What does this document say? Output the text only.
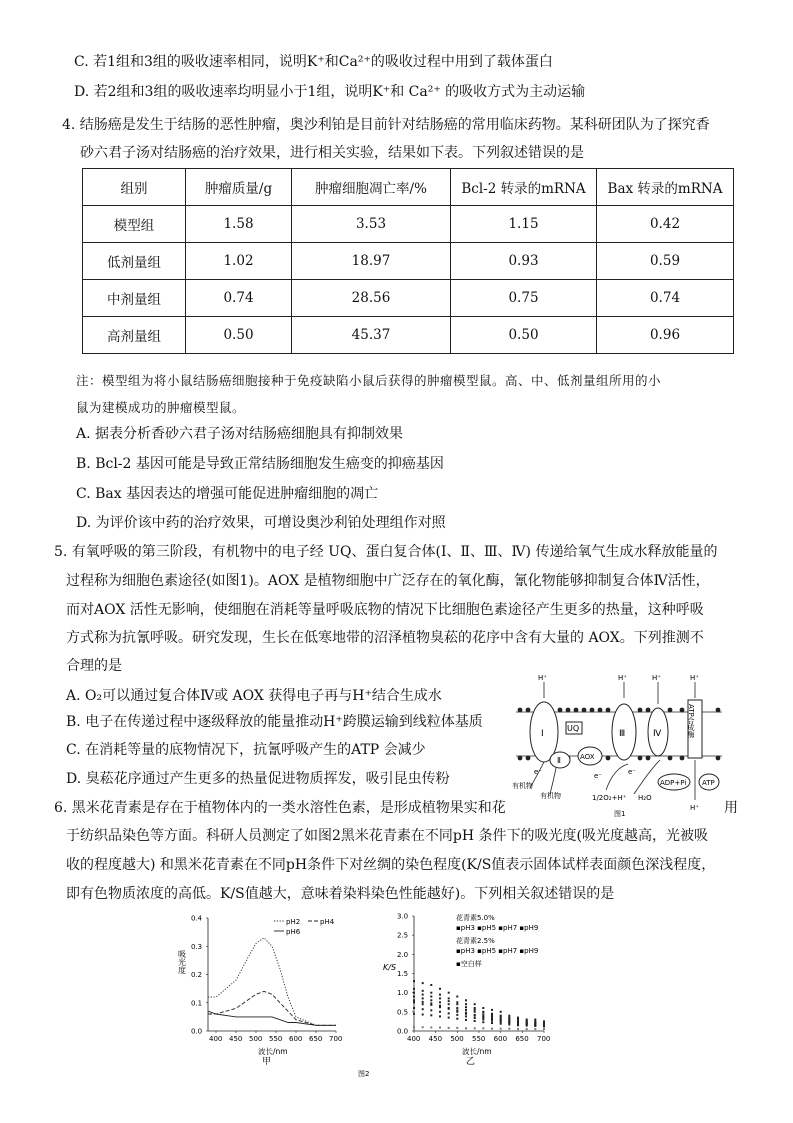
C. 若1组和3组的吸收速率相同，说明K⁺和Ca²⁺的吸收过程中用到了载体蛋白
D. 若2组和3组的吸收速率均明显小于1组，说明K⁺和 Ca²⁺ 的吸收方式为主动运输
4. 结肠癌是发生于结肠的恶性肿瘤，奥沙利铂是目前针对结肠癌的常用临床药物。某科研团队为了探究香
砂六君子汤对结肠癌的治疗效果，进行相关实验，结果如下表。下列叙述错误的是
组别	肿瘤质量/g	肿瘤细胞凋亡率/%	Bcl-2 转录的mRNA	Bax 转录的mRNA
模型组	1.58	3.53	1.15	0.42
低剂量组	1.02	18.97	0.93	0.59
中剂量组	0.74	28.56	0.75	0.74
高剂量组	0.50	45.37	0.50	0.96
注：模型组为将小鼠结肠癌细胞接种于免疫缺陷小鼠后获得的肿瘤模型鼠。高、中、低剂量组所用的小
鼠为建模成功的肿瘤模型鼠。
A. 据表分析香砂六君子汤对结肠癌细胞具有抑制效果
B. Bcl-2 基因可能是导致正常结肠细胞发生癌变的抑癌基因
C. Bax 基因表达的增强可能促进肿瘤细胞的凋亡
D. 为评价该中药的治疗效果，可增设奥沙利铂处理组作对照
5. 有氧呼吸的第三阶段，有机物中的电子经 UQ、蛋白复合体(Ⅰ、Ⅱ、Ⅲ、Ⅳ) 传递给氧气生成水释放能量的
过程称为细胞色素途径(如图1)。AOX 是植物细胞中广泛存在的氧化酶，氰化物能够抑制复合体Ⅳ活性，
而对AOX 活性无影响，使细胞在消耗等量呼吸底物的情况下比细胞色素途径产生更多的热量，这种呼吸
方式称为抗氰呼吸。研究发现，生长在低寒地带的沼泽植物臭菘的花序中含有大量的 AOX。下列推测不
合理的是
A. O₂可以通过复合体Ⅳ或 AOX 获得电子再与H⁺结合生成水
B. 电子在传递过程中逐级释放的能量推动H⁺跨膜运输到线粒体基质
C. 在消耗等量的底物情况下，抗氰呼吸产生的ATP 会减少
D. 臭菘花序通过产生更多的热量促进物质挥发，吸引昆虫传粉
Ⅰ	Ⅲ	Ⅳ	ATP合成酶
UQ
AOX
Ⅱ
H⁺	H⁺	H⁺	H⁺
H⁺
有机物
有机物
e⁻	e⁻	e⁻
1/2O₂+H⁺ H₂O
ADP+Pi ATP
图1
6. 黑米花青素是存在于植物体内的一类水溶性色素，是形成植物果实和花	用
于纺织品染色等方面。科研人员测定了如图2黑米花青素在不同pH 条件下的吸光度(吸光度越高，光被吸
收的程度越大) 和黑米花青素在不同pH条件下对丝绸的染色程度(K/S值表示固体试样表面颜色深浅程度，
即有色物质浓度的高低。K/S值越大，意味着染料染色性能越好)。下列相关叙述错误的是
400 450 500 550 600 650 700
0.0
0.1
0.2
0.3
0.4	pH2	pH4
pH6
吸光度
波长/nm
甲
400 450 500 550 600 650 700
0.0
0.5
1.0
1.5
2.0
2.5
3.0
K/S
波长/nm
乙
花青素5.0%
▪pH3 ▪pH5 ▪pH7 ▪pH9
花青素2.5%
▪pH3 ▪pH5 ▪pH7 ▪pH9
▪空白样
图2
